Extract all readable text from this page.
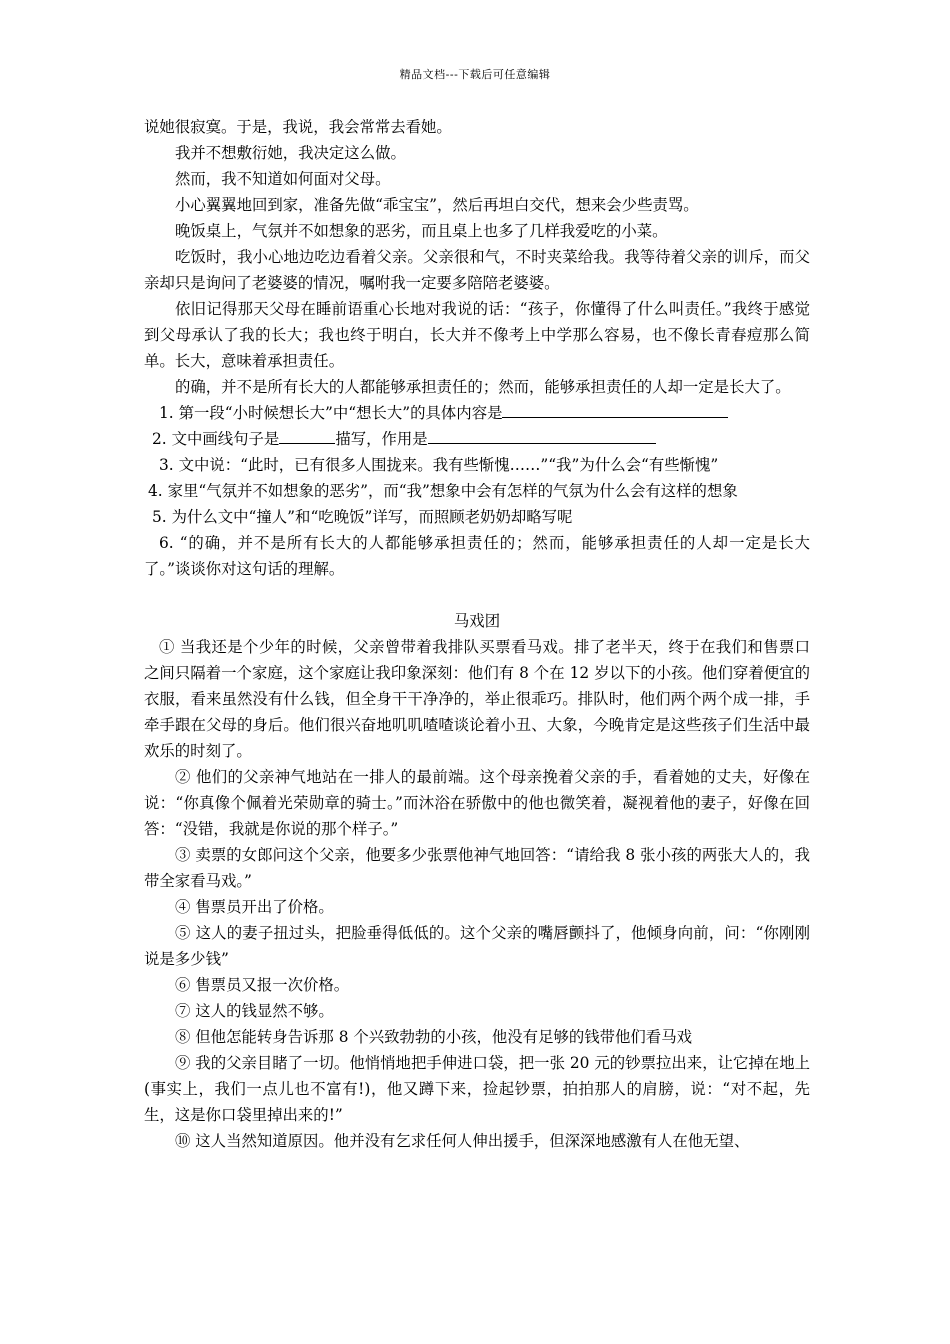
精品文档---下载后可任意编辑

说她很寂寞。于是，我说，我会常常去看她。

我并不想敷衍她，我决定这么做。

然而，我不知道如何面对父母。

小心翼翼地回到家，准备先做“乖宝宝”，然后再坦白交代，想来会少些责骂。

晚饭桌上，气氛并不如想象的恶劣，而且桌上也多了几样我爱吃的小菜。

吃饭时，我小心地边吃边看着父亲。父亲很和气，不时夹菜给我。我等待着父亲的训斥，而父亲却只是询问了老婆婆的情况，嘱咐我一定要多陪陪老婆婆。

依旧记得那天父母在睡前语重心长地对我说的话：“孩子，你懂得了什么叫责任。”我终于感觉到父母承认了我的长大；我也终于明白，长大并不像考上中学那么容易，也不像长青春痘那么简单。长大，意味着承担责任。

的确，并不是所有长大的人都能够承担责任的；然而，能够承担责任的人却一定是长大了。

1. 第一段“小时候想长大”中“想长大”的具体内容是

2. 文中画线句子是	描写，作用是

3. 文中说：“此时，已有很多人围拢来。我有些惭愧……”“我”为什么会“有些惭愧”

4. 家里“气氛并不如想象的恶劣”，而“我”想象中会有怎样的气氛为什么会有这样的想象

5. 为什么文中“撞人”和“吃晚饭”详写，而照顾老奶奶却略写呢

6. “的确，并不是所有长大的人都能够承担责任的；然而，能够承担责任的人却一定是长大了。”谈谈你对这句话的理解。

马戏团

① 当我还是个少年的时候，父亲曾带着我排队买票看马戏。排了老半天，终于在我们和售票口之间只隔着一个家庭，这个家庭让我印象深刻：他们有 8 个在 12 岁以下的小孩。他们穿着便宜的衣服，看来虽然没有什么钱，但全身干干净净的，举止很乖巧。排队时，他们两个两个成一排，手牵手跟在父母的身后。他们很兴奋地叽叽喳喳谈论着小丑、大象，今晚肯定是这些孩子们生活中最欢乐的时刻了。

② 他们的父亲神气地站在一排人的最前端。这个母亲挽着父亲的手，看着她的丈夫，好像在说：“你真像个佩着光荣勋章的骑士。”而沐浴在骄傲中的他也微笑着，凝视着他的妻子，好像在回答：“没错，我就是你说的那个样子。”

③ 卖票的女郎问这个父亲，他要多少张票他神气地回答：“请给我 8 张小孩的两张大人的，我带全家看马戏。”

④ 售票员开出了价格。

⑤ 这人的妻子扭过头，把脸垂得低低的。这个父亲的嘴唇颤抖了，他倾身向前，问：“你刚刚说是多少钱”

⑥ 售票员又报一次价格。

⑦ 这人的钱显然不够。

⑧ 但他怎能转身告诉那 8 个兴致勃勃的小孩，他没有足够的钱带他们看马戏

⑨ 我的父亲目睹了一切。他悄悄地把手伸进口袋，把一张 20 元的钞票拉出来，让它掉在地上(事实上，我们一点儿也不富有!)，他又蹲下来，捡起钞票，拍拍那人的肩膀，说：“对不起，先生，这是你口袋里掉出来的!”

⑩ 这人当然知道原因。他并没有乞求任何人伸出援手，但深深地感激有人在他无望、
